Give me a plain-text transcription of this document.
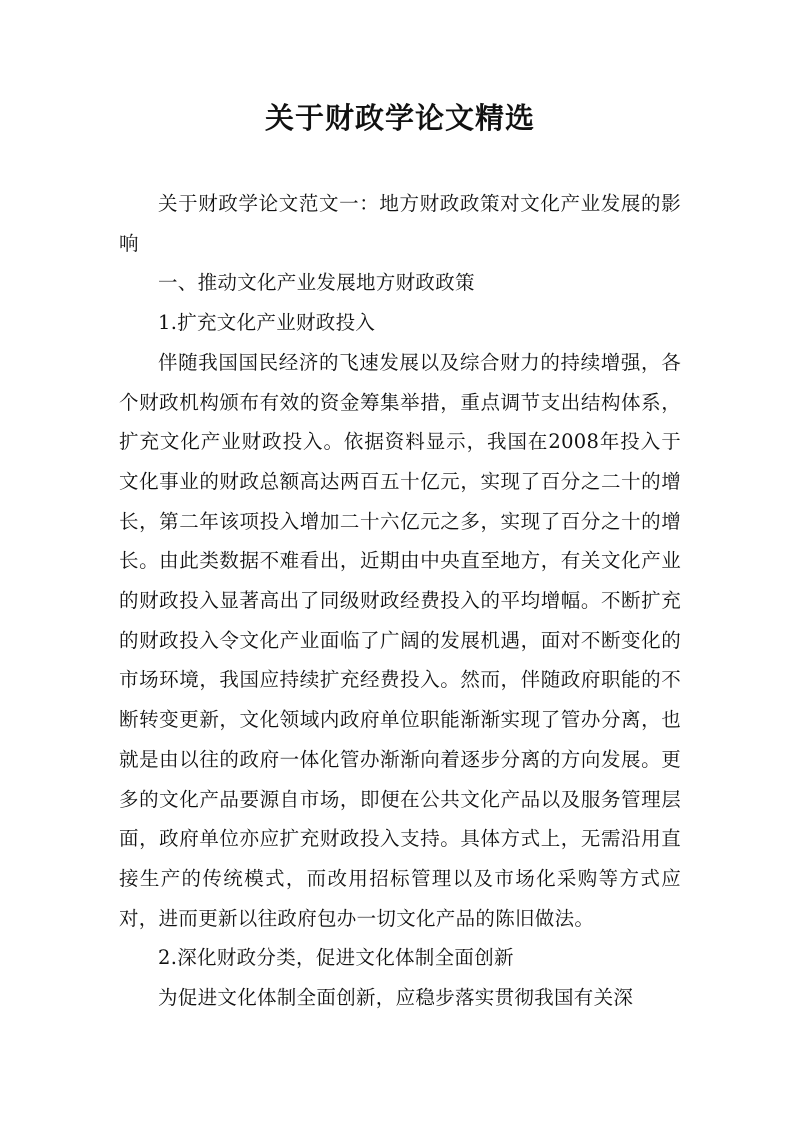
关于财政学论文精选

关于财政学论文范文一：地方财政政策对文化产业发展的影响

一、推动文化产业发展地方财政政策

1.扩充文化产业财政投入

伴随我国国民经济的飞速发展以及综合财力的持续增强，各个财政机构颁布有效的资金筹集举措，重点调节支出结构体系，扩充文化产业财政投入。依据资料显示，我国在2008年投入于文化事业的财政总额高达两百五十亿元，实现了百分之二十的增长，第二年该项投入增加二十六亿元之多，实现了百分之十的增长。由此类数据不难看出，近期由中央直至地方，有关文化产业的财政投入显著高出了同级财政经费投入的平均增幅。不断扩充的财政投入令文化产业面临了广阔的发展机遇，面对不断变化的市场环境，我国应持续扩充经费投入。然而，伴随政府职能的不断转变更新，文化领域内政府单位职能渐渐实现了管办分离，也就是由以往的政府一体化管办渐渐向着逐步分离的方向发展。更多的文化产品要源自市场，即便在公共文化产品以及服务管理层面，政府单位亦应扩充财政投入支持。具体方式上，无需沿用直接生产的传统模式，而改用招标管理以及市场化采购等方式应对，进而更新以往政府包办一切文化产品的陈旧做法。

2.深化财政分类，促进文化体制全面创新

为促进文化体制全面创新，应稳步落实贯彻我国有关深
